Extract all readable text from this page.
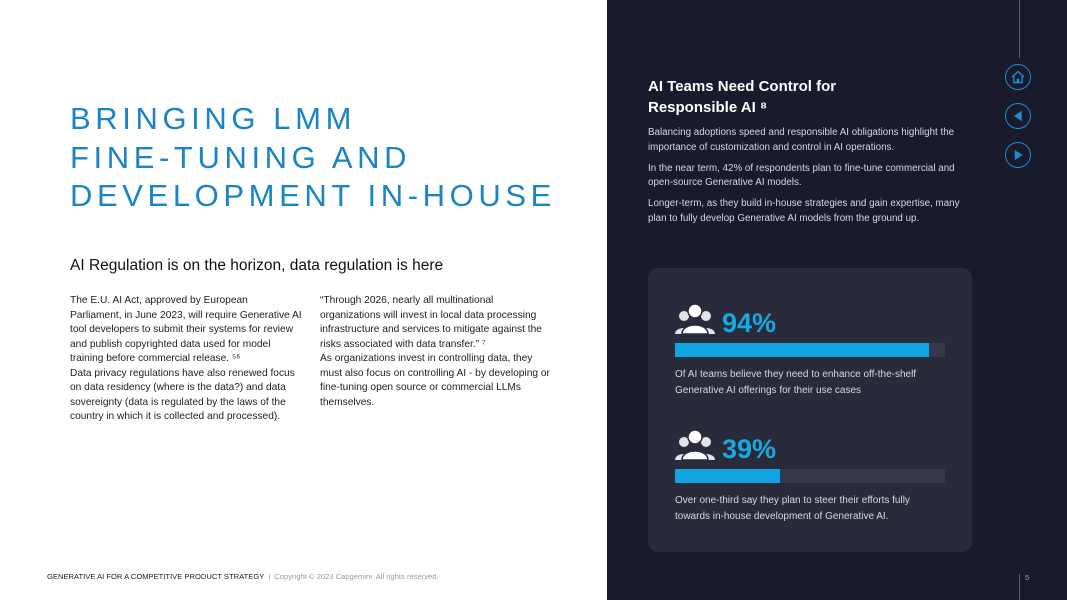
BRINGING LMM
FINE-TUNING AND
DEVELOPMENT IN-HOUSE
AI Regulation is on the horizon, data regulation is here

The E.U. AI Act, approved by European Parliament, in June 2023, will require Generative AI tool developers to submit their systems for review and publish copyrighted data used for model training before commercial release. ⁵⁶

Data privacy regulations have also renewed focus on data residency (where is the data?) and data sovereignty (data is regulated by the laws of the country in which it is collected and processed).

“Through 2026, nearly all multinational organizations will invest in local data processing infrastructure and services to mitigate against the risks associated with data transfer.” ⁷

As organizations invest in controlling data, they must also focus on controlling AI - by developing or fine-tuning open source or commercial LLMs themselves.

GENERATIVE AI FOR A COMPETITIVE PRODUCT STRATEGY | Copyright © 2023 Capgemini. All rights reserved.	5
AI Teams Need Control for
Responsible AI ⁸

Balancing adoptions speed and responsible AI obligations highlight the importance of customization and control in AI operations.

In the near term, 42% of respondents plan to fine-tune commercial and open-source Generative AI models.

Longer-term, as they build in-house strategies and gain expertise, many plan to fully develop Generative AI models from the ground up.

94%
Of AI teams believe they need to enhance off-the-shelf Generative AI offerings for their use cases
39%
Over one-third say they plan to steer their efforts fully towards in-house development of Generative AI.
